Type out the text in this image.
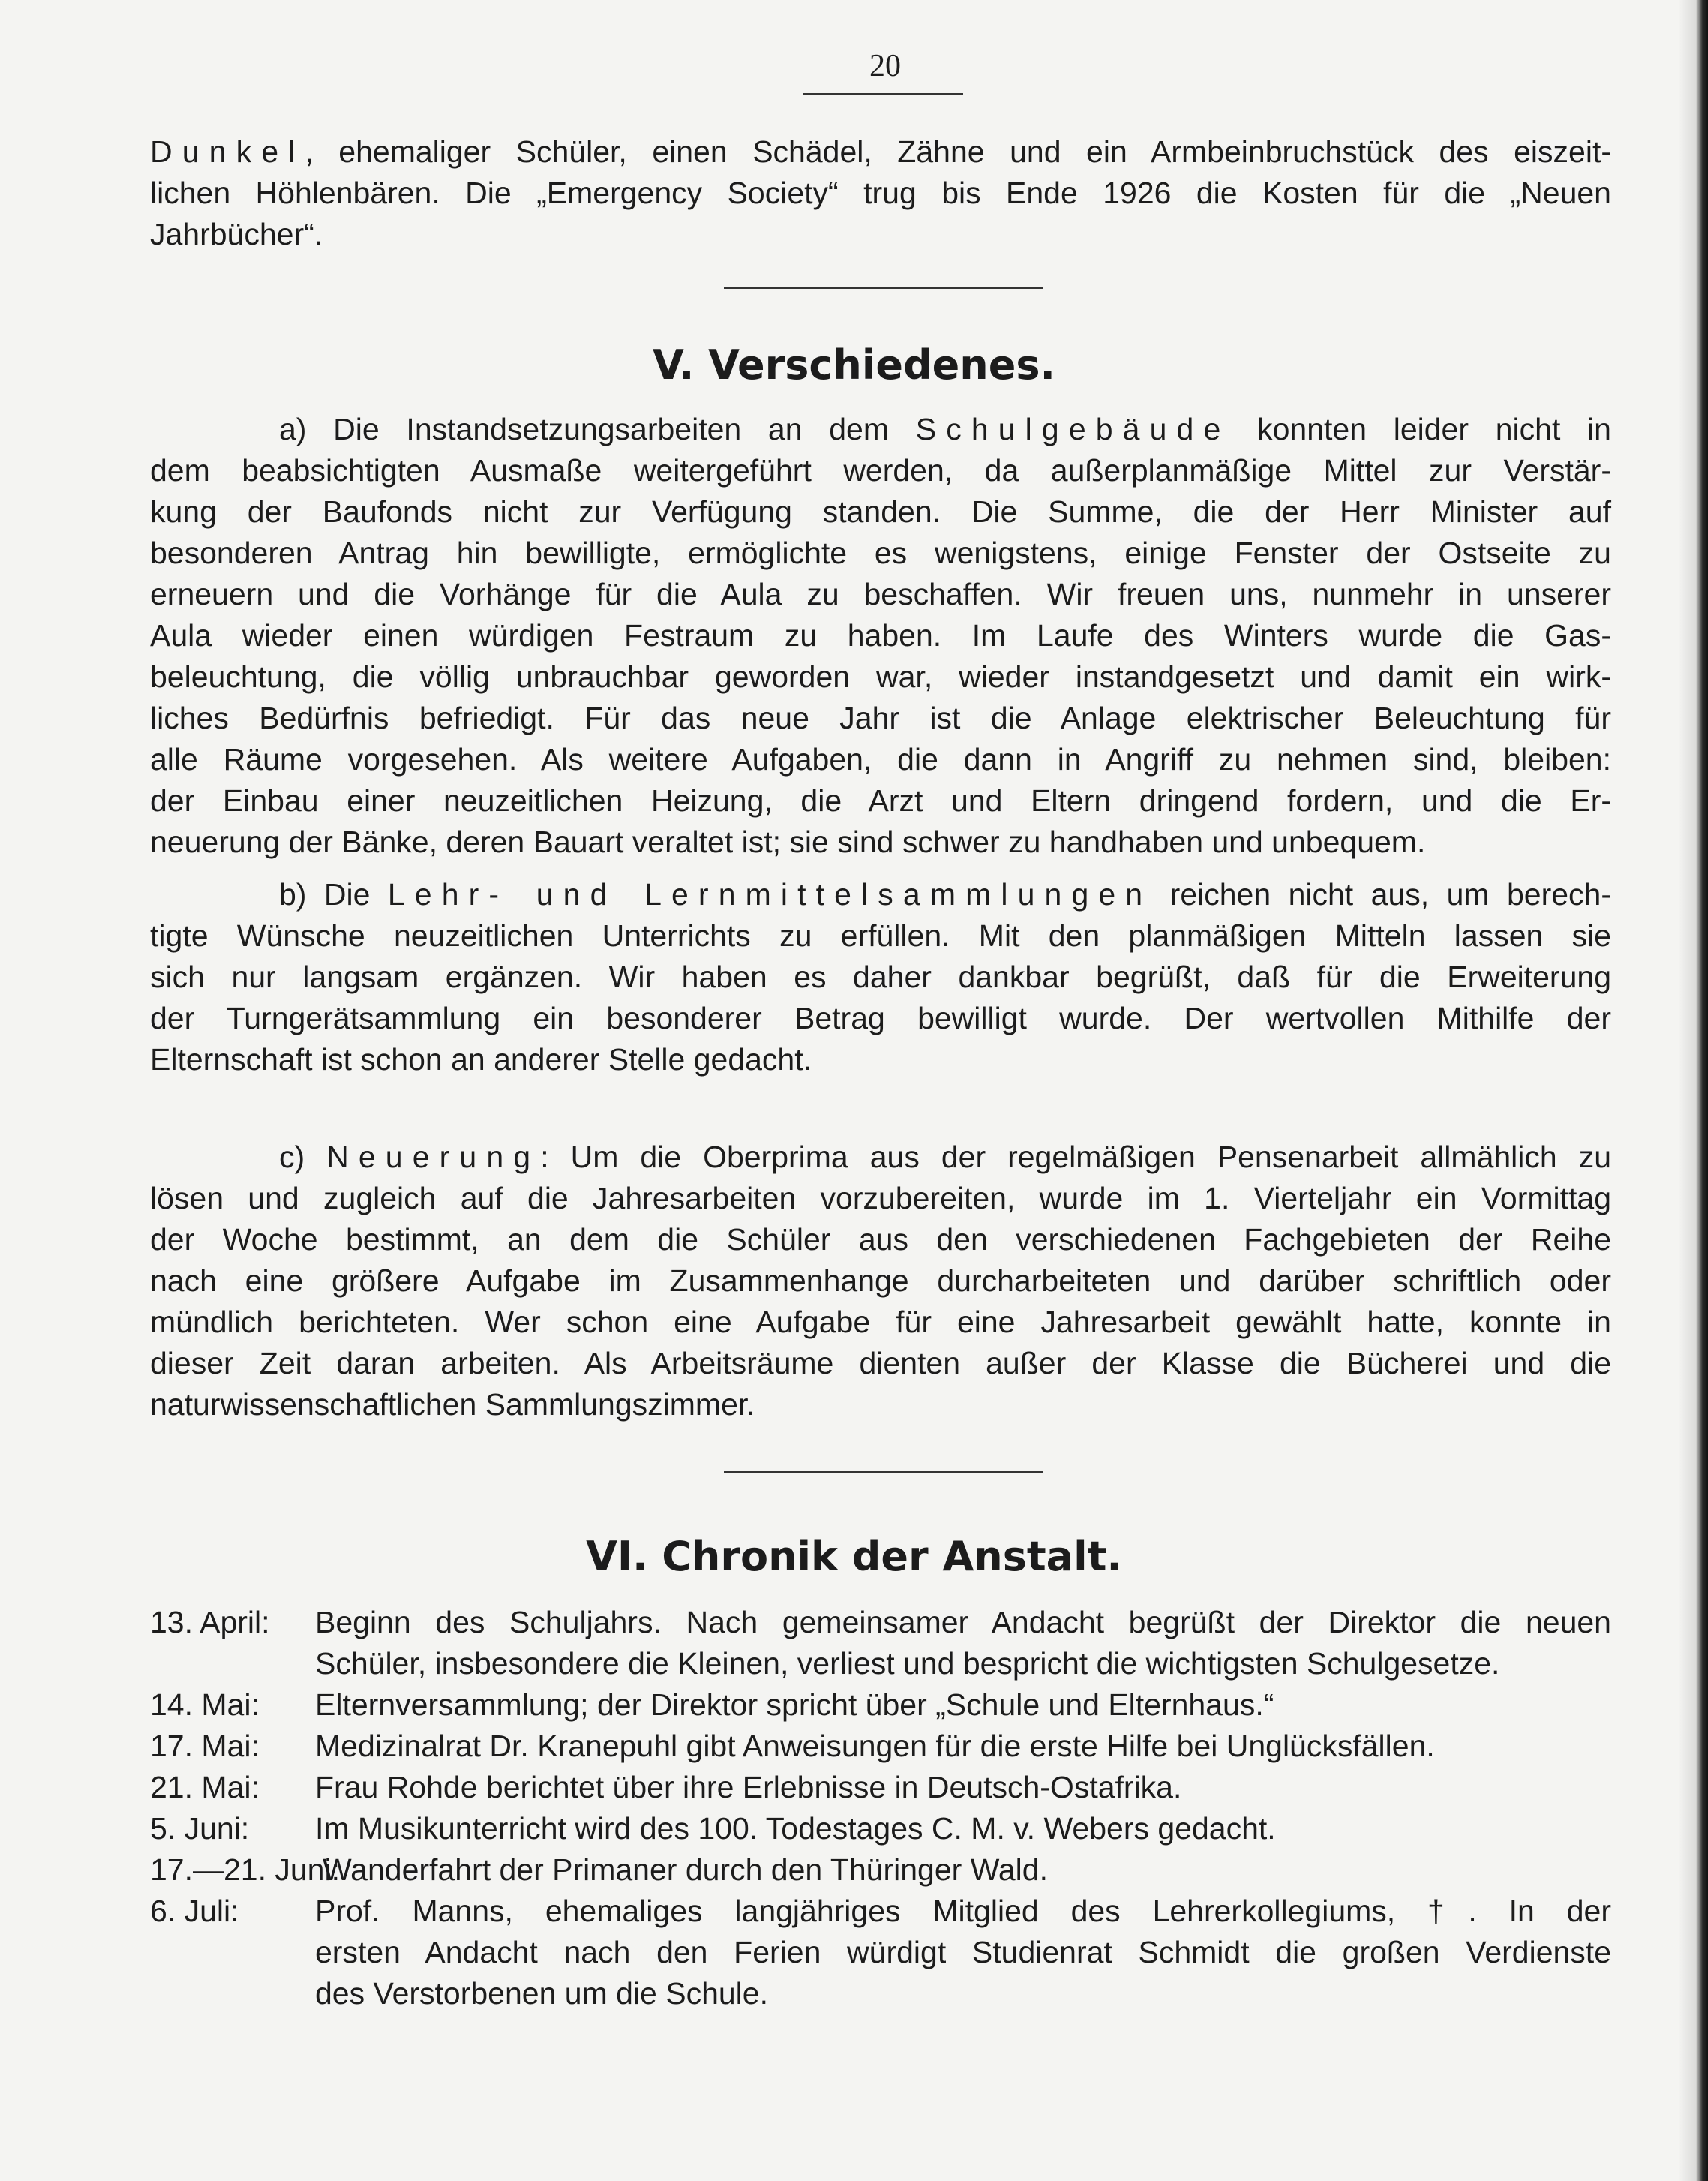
20
Dunkel, ehemaliger Schüler, einen Schädel, Zähne und ein Armbeinbruchstück des eiszeit-
lichen Höhlenbären. Die „Emergency Society“ trug bis Ende 1926 die Kosten für die „Neuen
Jahrbücher“.
V. Verschiedenes.
a) Die Instandsetzungsarbeiten an dem Schulgebäude konnten leider nicht in
dem beabsichtigten Ausmaße weitergeführt werden, da außerplanmäßige Mittel zur Verstär-
kung der Baufonds nicht zur Verfügung standen. Die Summe, die der Herr Minister auf
besonderen Antrag hin bewilligte, ermöglichte es wenigstens, einige Fenster der Ostseite zu
erneuern und die Vorhänge für die Aula zu beschaffen. Wir freuen uns, nunmehr in unserer
Aula wieder einen würdigen Festraum zu haben. Im Laufe des Winters wurde die Gas-
beleuchtung, die völlig unbrauchbar geworden war, wieder instandgesetzt und damit ein wirk-
liches Bedürfnis befriedigt. Für das neue Jahr ist die Anlage elektrischer Beleuchtung für
alle Räume vorgesehen. Als weitere Aufgaben, die dann in Angriff zu nehmen sind, bleiben:
der Einbau einer neuzeitlichen Heizung, die Arzt und Eltern dringend fordern, und die Er-
neuerung der Bänke, deren Bauart veraltet ist; sie sind schwer zu handhaben und unbequem.
b) Die Lehr- und Lernmittelsammlungen reichen nicht aus, um berech-
tigte Wünsche neuzeitlichen Unterrichts zu erfüllen. Mit den planmäßigen Mitteln lassen sie
sich nur langsam ergänzen. Wir haben es daher dankbar begrüßt, daß für die Erweiterung
der Turngerätsammlung ein besonderer Betrag bewilligt wurde. Der wertvollen Mithilfe der
Elternschaft ist schon an anderer Stelle gedacht.
c) Neuerung: Um die Oberprima aus der regelmäßigen Pensenarbeit allmählich zu
lösen und zugleich auf die Jahresarbeiten vorzubereiten, wurde im 1. Vierteljahr ein Vormittag
der Woche bestimmt, an dem die Schüler aus den verschiedenen Fachgebieten der Reihe
nach eine größere Aufgabe im Zusammenhange durcharbeiteten und darüber schriftlich oder
mündlich berichteten. Wer schon eine Aufgabe für eine Jahresarbeit gewählt hatte, konnte in
dieser Zeit daran arbeiten. Als Arbeitsräume dienten außer der Klasse die Bücherei und die
naturwissenschaftlichen Sammlungszimmer.
VI. Chronik der Anstalt.
13. April: Beginn des Schuljahrs. Nach gemeinsamer Andacht begrüßt der Direktor die neuen
Schüler, insbesondere die Kleinen, verliest und bespricht die wichtigsten Schulgesetze.
14. Mai: Elternversammlung; der Direktor spricht über „Schule und Elternhaus.“
17. Mai: Medizinalrat Dr. Kranepuhl gibt Anweisungen für die erste Hilfe bei Unglücksfällen.
21. Mai: Frau Rohde berichtet über ihre Erlebnisse in Deutsch-Ostafrika.
5. Juni: Im Musikunterricht wird des 100. Todestages C. M. v. Webers gedacht.
17.—21. Juni:
Wanderfahrt der Primaner durch den Thüringer Wald.
6. Juli: Prof. Manns, ehemaliges langjähriges Mitglied des Lehrerkollegiums, †. In der
ersten Andacht nach den Ferien würdigt Studienrat Schmidt die großen Verdienste
des Verstorbenen um die Schule.
